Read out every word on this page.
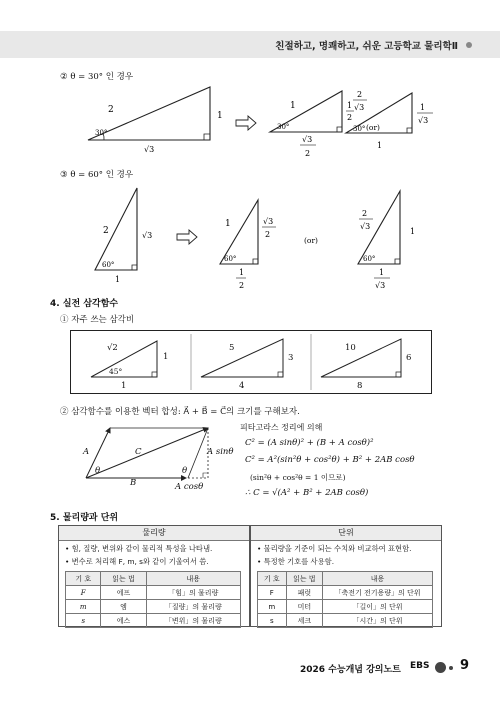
친절하고, 명쾌하고, 쉬운 고등학교 물리학Ⅱ
② θ = 30° 인 경우
2
1
30°
√3
1
30°
1
2
√3
2
(or)
2
√3
30°
1
√3
1
③ θ = 60° 인 경우
2	√3
60°
1
1	√3
2
60°
1
2
(or)
2
√3
60°
1
1
√3
4. 실전 삼각함수
① 자주 쓰는 삼각비
√2
1
1
45°
5
3
4
10
6
8
② 삼각함수를 이용한 벡터 합성: A⃗ + B⃗ = C⃗의 크기를 구해보자.
A	C
θ	θ
B
A sinθ
A cosθ
피타고라스 정리에 의해
C² = (A sinθ)² + (B + A cosθ)²
C² = A²(sin²θ + cos²θ) + B² + 2AB cosθ
(sin²θ + cos²θ = 1 이므로)
∴ C = √(A² + B² + 2AB cosθ)
5. 물리량과 단위
물리량
• 힘, 질량, 변위와 같이 물리적 특성을 나타냄.
• 변수로 처리해 F, m, s와 같이 기울여서 씀.
기 호	읽는 법	내용
F	에프	「힘」의 물리량
m	엠	「질량」의 물리량
s	에스	「변위」의 물리량
단위
• 물리량을 기준이 되는 수치와 비교하여 표현함.
• 특정한 기호를 사용함.
기 호	읽는 법	내용
F	패럿	「축전기 전기용량」의 단위
m	미터	「길이」의 단위
s	세크	「시간」의 단위
2026 수능개념 강의노트 EBS 9
